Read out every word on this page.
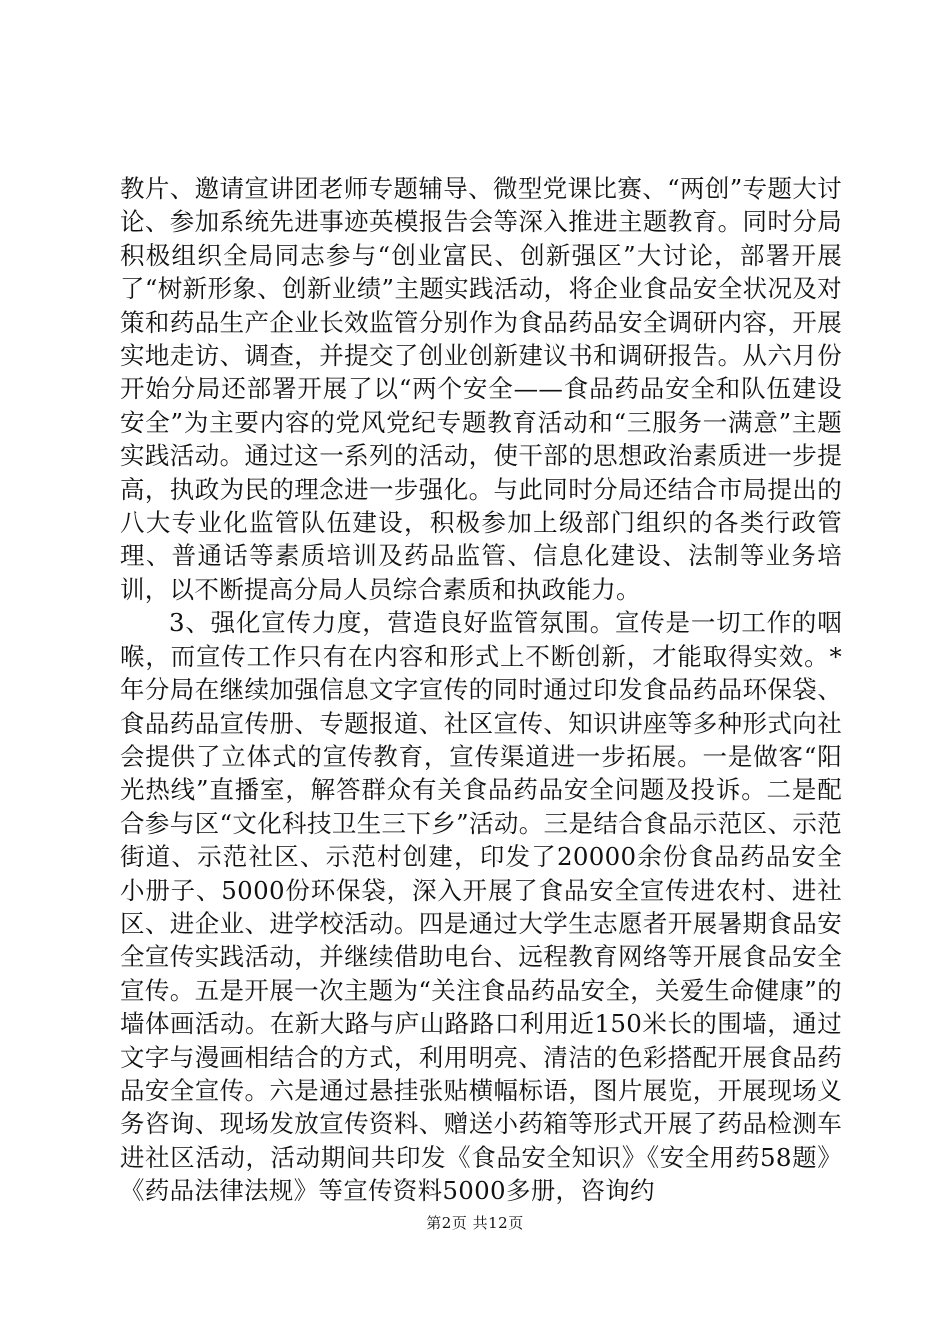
教片、邀请宣讲团老师专题辅导、微型党课比赛、“两创”专题大讨论、参加系统先进事迹英模报告会等深入推进主题教育。同时分局积极组织全局同志参与“创业富民、创新强区”大讨论，部署开展了“树新形象、创新业绩”主题实践活动，将企业食品安全状况及对策和药品生产企业长效监管分别作为食品药品安全调研内容，开展实地走访、调查，并提交了创业创新建议书和调研报告。从六月份开始分局还部署开展了以“两个安全——食品药品安全和队伍建设安全”为主要内容的党风党纪专题教育活动和“三服务一满意”主题实践活动。通过这一系列的活动，使干部的思想政治素质进一步提高，执政为民的理念进一步强化。与此同时分局还结合市局提出的八大专业化监管队伍建设，积极参加上级部门组织的各类行政管理、普通话等素质培训及药品监管、信息化建设、法制等业务培训，以不断提高分局人员综合素质和执政能力。

3、强化宣传力度，营造良好监管氛围。宣传是一切工作的咽喉，而宣传工作只有在内容和形式上不断创新，才能取得实效。*年分局在继续加强信息文字宣传的同时通过印发食品药品环保袋、食品药品宣传册、专题报道、社区宣传、知识讲座等多种形式向社会提供了立体式的宣传教育，宣传渠道进一步拓展。一是做客“阳光热线”直播室，解答群众有关食品药品安全问题及投诉。二是配合参与区“文化科技卫生三下乡”活动。三是结合食品示范区、示范街道、示范社区、示范村创建，印发了20000余份食品药品安全小册子、5000份环保袋，深入开展了食品安全宣传进农村、进社区、进企业、进学校活动。四是通过大学生志愿者开展暑期食品安全宣传实践活动，并继续借助电台、远程教育网络等开展食品安全宣传。五是开展一次主题为“关注食品药品安全，关爱生命健康”的墙体画活动。在新大路与庐山路路口利用近150米长的围墙，通过文字与漫画相结合的方式，利用明亮、清洁的色彩搭配开展食品药品安全宣传。六是通过悬挂张贴横幅标语，图片展览，开展现场义务咨询、现场发放宣传资料、赠送小药箱等形式开展了药品检测车进社区活动，活动期间共印发《食品安全知识》《安全用药58题》《药品法律法规》等宣传资料5000多册，咨询约

第2页 共12页
